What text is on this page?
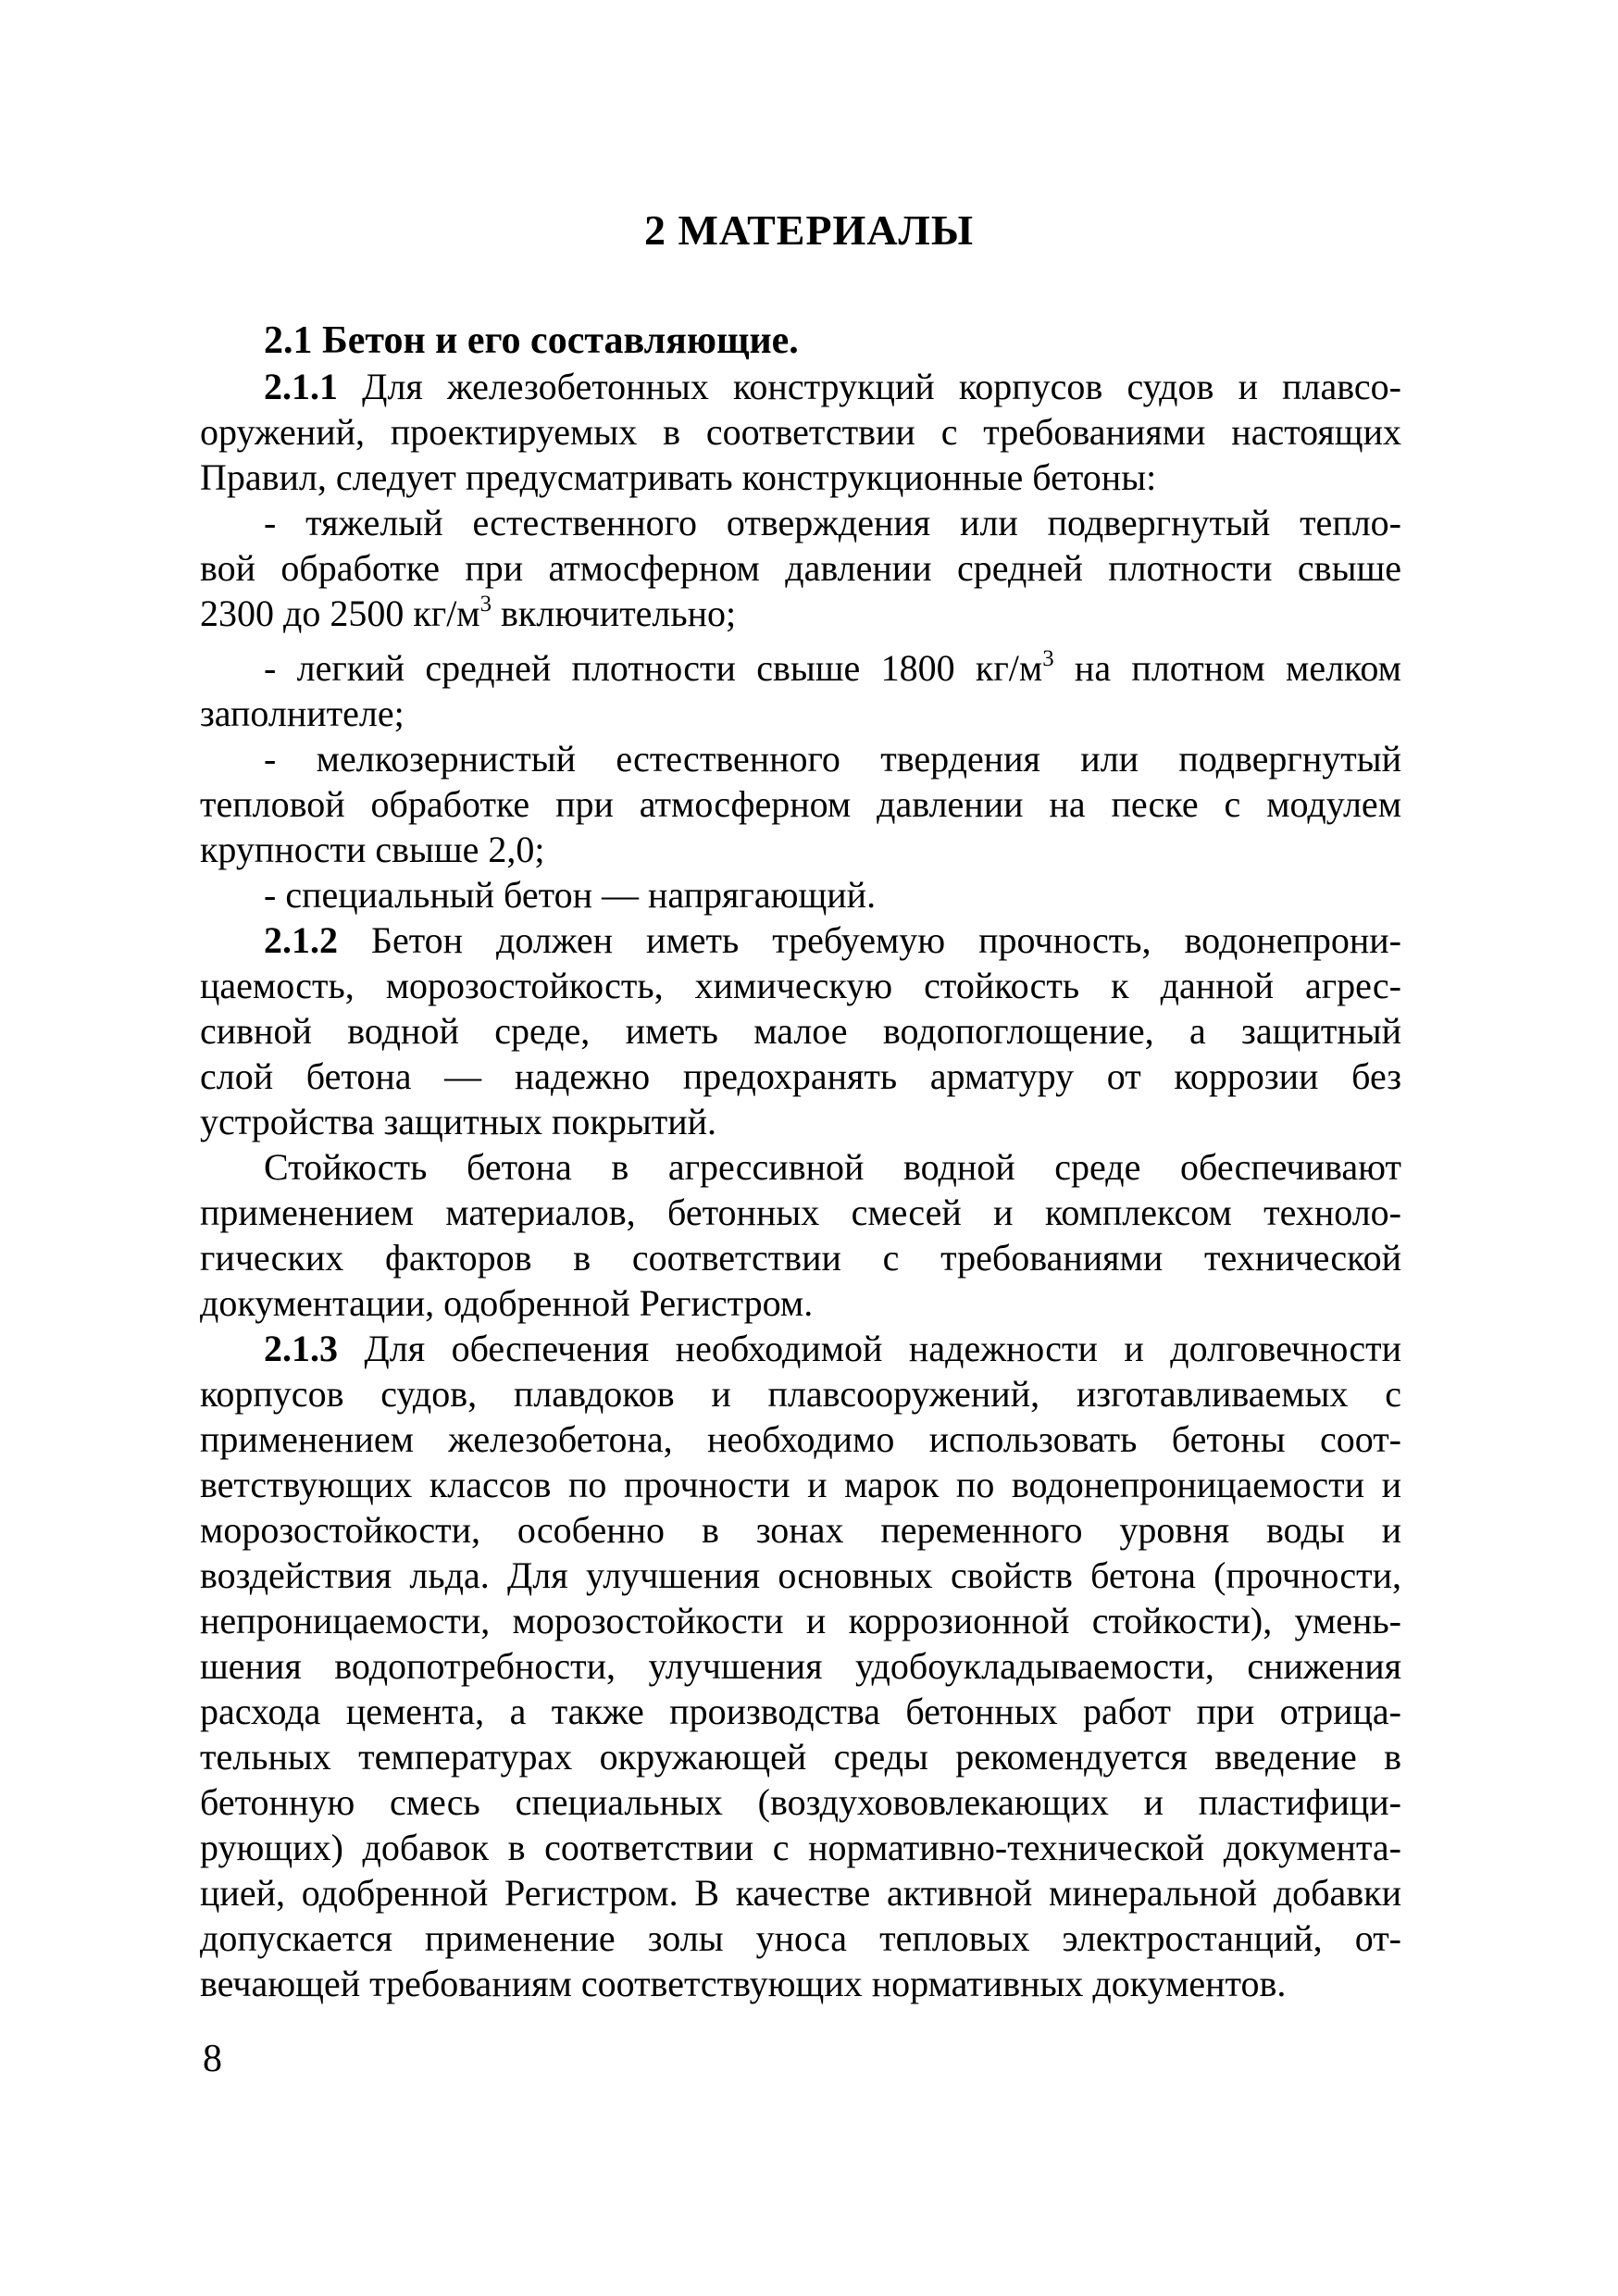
2 МАТЕРИАЛЫ
2.1 Бетон и его составляющие.
2.1.1 Для железобетонных конструкций корпусов судов и плавсо-
оружений, проектируемых в соответствии с требованиями настоящих
Правил, следует предусматривать конструкционные бетоны:
- тяжелый естественного отверждения или подвергнутый тепло-
вой обработке при атмосферном давлении средней плотности свыше
2300 до 2500 $кг/м^3$ включительно;
- легкий средней плотности свыше 1800 $кг/м^3$ на плотном мелком
заполнителе;
- мелкозернистый естественного твердения или подвергнутый
тепловой обработке при атмосферном давлении на песке с модулем
крупности свыше 2,0;
- специальный бетон — напрягающий.
2.1.2 Бетон должен иметь требуемую прочность, водонепрони-
цаемость, морозостойкость, химическую стойкость к данной агрес-
сивной водной среде, иметь малое водопоглощение, а защитный
слой бетона — надежно предохранять арматуру от коррозии без
устройства защитных покрытий.
Стойкость бетона в агрессивной водной среде обеспечивают
применением материалов, бетонных смесей и комплексом техноло-
гических факторов в соответствии с требованиями технической
документации, одобренной Регистром.
2.1.3 Для обеспечения необходимой надежности и долговечности
корпусов судов, плавдоков и плавсооружений, изготавливаемых с
применением железобетона, необходимо использовать бетоны соот-
ветствующих классов по прочности и марок по водонепроницаемости и
морозостойкости, особенно в зонах переменного уровня воды и
воздействия льда. Для улучшения основных свойств бетона (прочности,
непроницаемости, морозостойкости и коррозионной стойкости), умень-
шения водопотребности, улучшения удобоукладываемости, снижения
расхода цемента, а также производства бетонных работ при отрица-
тельных температурах окружающей среды рекомендуется введение в
бетонную смесь специальных (воздухововлекающих и пластифици-
рующих) добавок в соответствии с нормативно-технической документа-
цией, одобренной Регистром. В качестве активной минеральной добавки
допускается применение золы уноса тепловых электростанций, от-
вечающей требованиям соответствующих нормативных документов.
8
